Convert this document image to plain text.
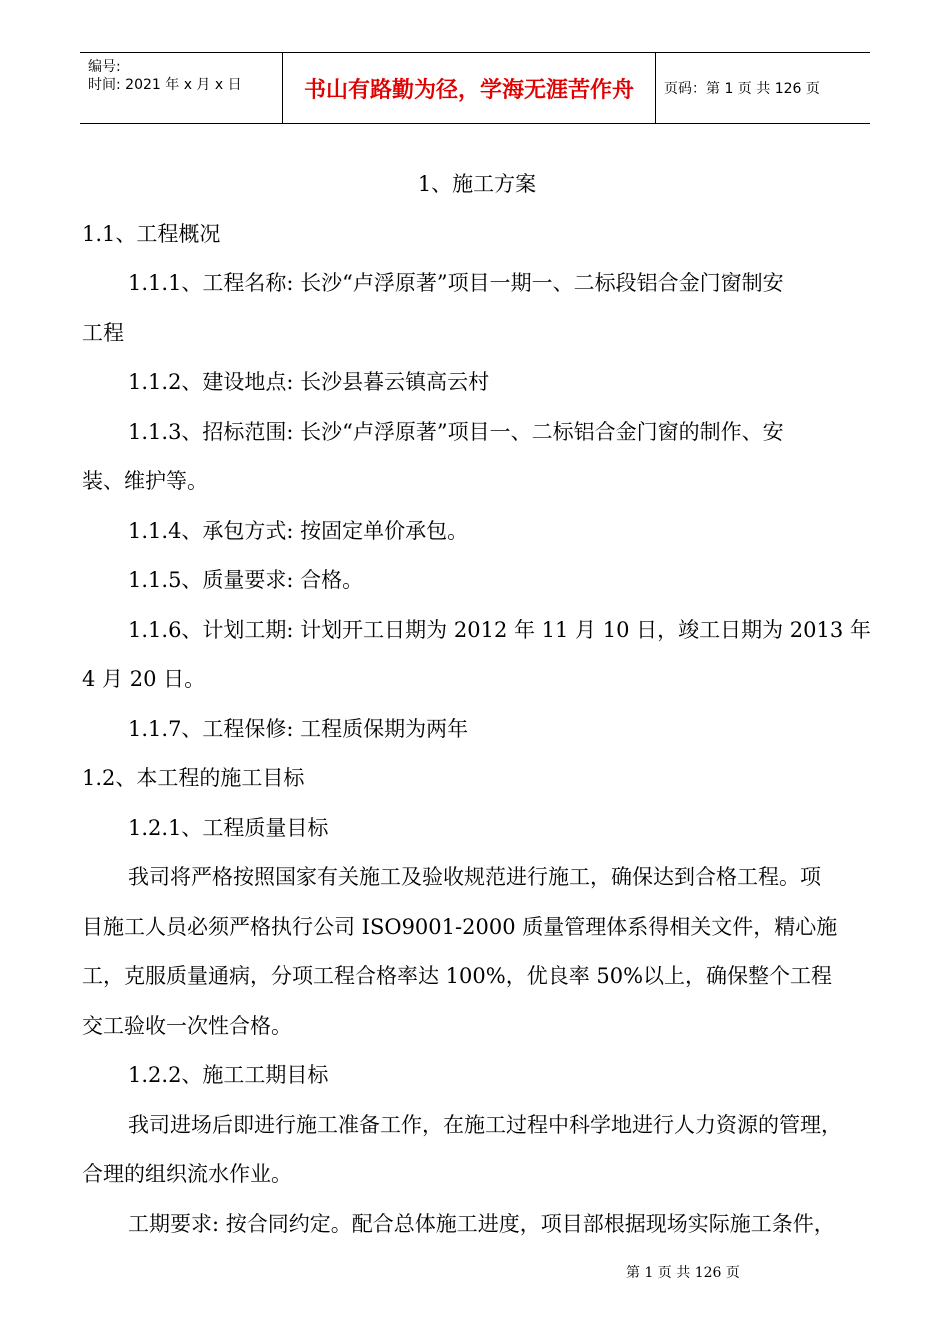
编号:
时间: 2021 年 x 月 x 日	书山有路勤为径，学海无涯苦作舟	页码：第 1 页 共 126 页

1、施工方案

1.1、工程概况

1.1.1、工程名称: 长沙“卢浮原著”项目一期一、二标段铝合金门窗制安

工程

1.1.2、建设地点: 长沙县暮云镇高云村

1.1.3、招标范围: 长沙“卢浮原著”项目一、二标铝合金门窗的制作、安

装、维护等。

1.1.4、承包方式: 按固定单价承包。

1.1.5、质量要求: 合格。

1.1.6、计划工期: 计划开工日期为 2012 年 11 月 10 日，竣工日期为 2013 年

4 月 20 日。

1.1.7、工程保修: 工程质保期为两年

1.2、本工程的施工目标

1.2.1、工程质量目标

我司将严格按照国家有关施工及验收规范进行施工，确保达到合格工程。项

目施工人员必须严格执行公司 ISO9001-2000 质量管理体系得相关文件，精心施

工，克服质量通病，分项工程合格率达 100%，优良率 50%以上，确保整个工程

交工验收一次性合格。

1.2.2、施工工期目标

我司进场后即进行施工准备工作，在施工过程中科学地进行人力资源的管理，

合理的组织流水作业。

工期要求: 按合同约定。配合总体施工进度，项目部根据现场实际施工条件，

第 1 页 共 126 页
